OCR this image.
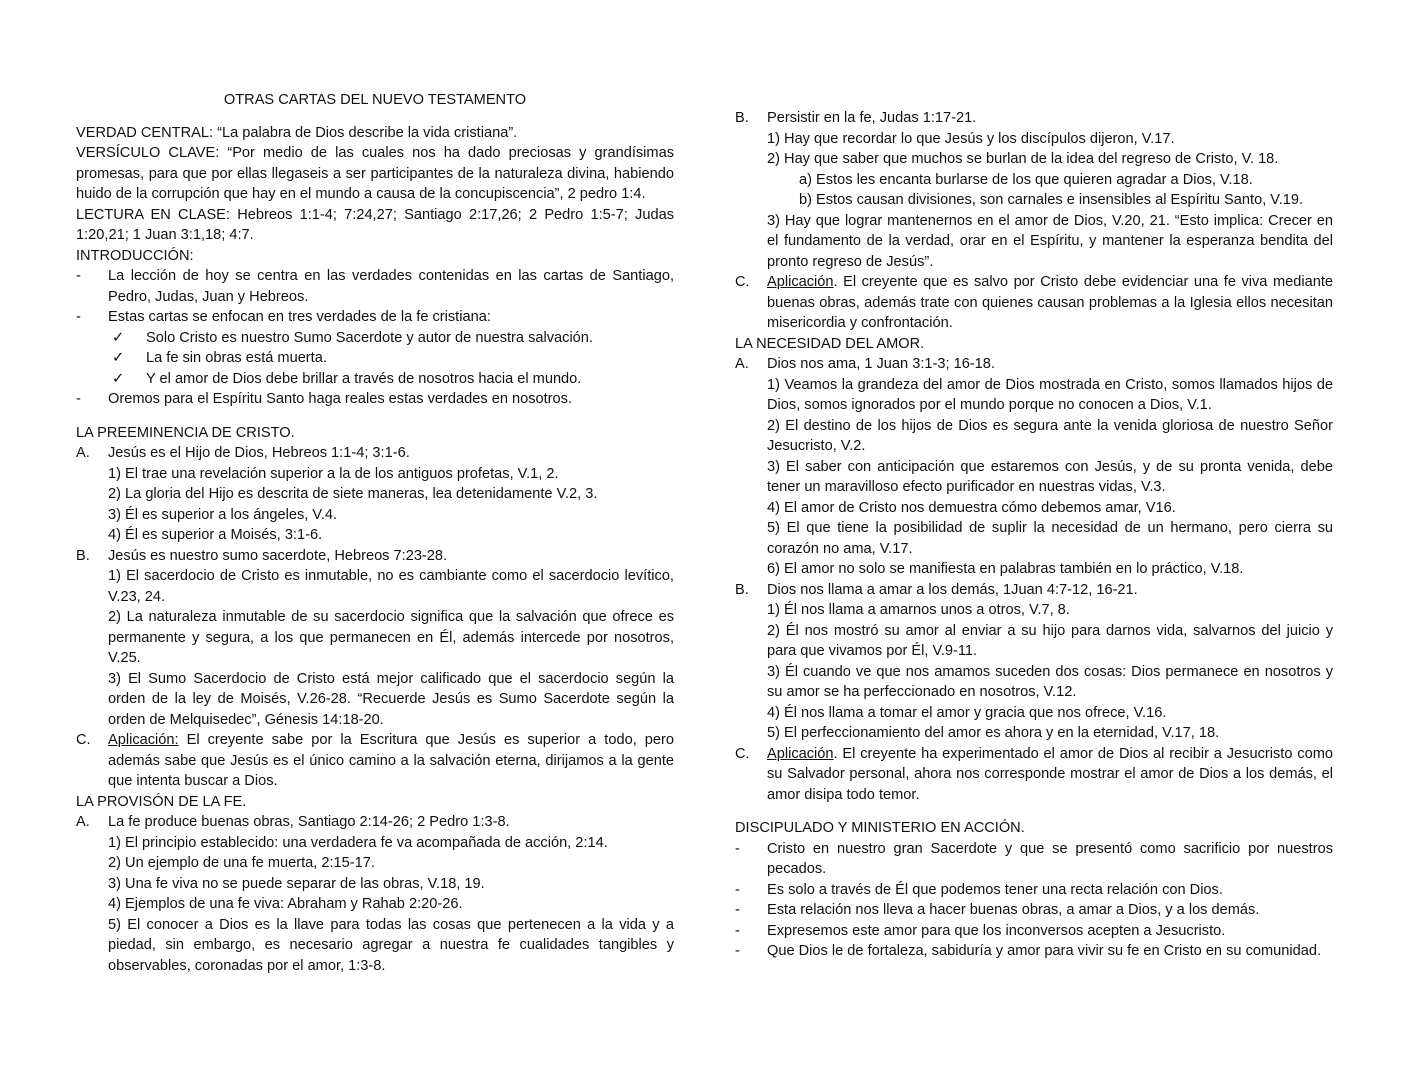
OTRAS CARTAS DEL NUEVO TESTAMENTO
VERDAD CENTRAL: “La palabra de Dios describe la vida cristiana”.
VERSÍCULO CLAVE: “Por medio de las cuales nos ha dado preciosas y grandísimas promesas, para que por ellas llegaseis a ser participantes de la naturaleza divina, habiendo huido de la corrupción que hay en el mundo a causa de la concupiscencia”, 2 pedro 1:4.
LECTURA EN CLASE: Hebreos 1:1-4; 7:24,27; Santiago 2:17,26; 2 Pedro 1:5-7; Judas 1:20,21; 1 Juan 3:1,18; 4:7.
INTRODUCCIÓN:
- La lección de hoy se centra en las verdades contenidas en las cartas de Santiago, Pedro, Judas, Juan y Hebreos.
- Estas cartas se enfocan en tres verdades de la fe cristiana:
✓ Solo Cristo es nuestro Sumo Sacerdote y autor de nuestra salvación.
✓ La fe sin obras está muerta.
✓ Y el amor de Dios debe brillar a través de nosotros hacia el mundo.
- Oremos para el Espíritu Santo haga reales estas verdades en nosotros.
LA PREEMINENCIA DE CRISTO.
A. Jesús es el Hijo de Dios, Hebreos 1:1-4; 3:1-6.
1) El trae una revelación superior a la de los antiguos profetas, V.1, 2.
2) La gloria del Hijo es descrita de siete maneras, lea detenidamente V.2, 3.
3) Él es superior a los ángeles, V.4.
4) Él es superior a Moisés, 3:1-6.
B. Jesús es nuestro sumo sacerdote, Hebreos 7:23-28.
1) El sacerdocio de Cristo es inmutable, no es cambiante como el sacerdocio levítico, V.23, 24.
2) La naturaleza inmutable de su sacerdocio significa que la salvación que ofrece es permanente y segura, a los que permanecen en Él, además intercede por nosotros, V.25.
3) El Sumo Sacerdocio de Cristo está mejor calificado que el sacerdocio según la orden de la ley de Moisés, V.26-28. “Recuerde Jesús es Sumo Sacerdote según la orden de Melquisedec”, Génesis 14:18-20.
C. Aplicación: El creyente sabe por la Escritura que Jesús es superior a todo, pero además sabe que Jesús es el único camino a la salvación eterna, dirijamos a la gente que intenta buscar a Dios.
LA PROVISÓN DE LA FE.
A. La fe produce buenas obras, Santiago 2:14-26; 2 Pedro 1:3-8.
1) El principio establecido: una verdadera fe va acompañada de acción, 2:14.
2) Un ejemplo de una fe muerta, 2:15-17.
3) Una fe viva no se puede separar de las obras, V.18, 19.
4) Ejemplos de una fe viva: Abraham y Rahab 2:20-26.
5) El conocer a Dios es la llave para todas las cosas que pertenecen a la vida y a piedad, sin embargo, es necesario agregar a nuestra fe cualidades tangibles y observables, coronadas por el amor, 1:3-8.
B. Persistir en la fe, Judas 1:17-21.
1) Hay que recordar lo que Jesús y los discípulos dijeron, V.17.
2) Hay que saber que muchos se burlan de la idea del regreso de Cristo, V. 18.
a) Estos les encanta burlarse de los que quieren agradar a Dios, V.18.
b) Estos causan divisiones, son carnales e insensibles al Espíritu Santo, V.19.
3) Hay que lograr mantenernos en el amor de Dios, V.20, 21. “Esto implica: Crecer en el fundamento de la verdad, orar en el Espíritu, y mantener la esperanza bendita del pronto regreso de Jesús”.
C. Aplicación. El creyente que es salvo por Cristo debe evidenciar una fe viva mediante buenas obras, además trate con quienes causan problemas a la Iglesia ellos necesitan misericordia y confrontación.
LA NECESIDAD DEL AMOR.
A. Dios nos ama, 1 Juan 3:1-3; 16-18.
1) Veamos la grandeza del amor de Dios mostrada en Cristo, somos llamados hijos de Dios, somos ignorados por el mundo porque no conocen a Dios, V.1.
2) El destino de los hijos de Dios es segura ante la venida gloriosa de nuestro Señor Jesucristo, V.2.
3) El saber con anticipación que estaremos con Jesús, y de su pronta venida, debe tener un maravilloso efecto purificador en nuestras vidas, V.3.
4) El amor de Cristo nos demuestra cómo debemos amar, V16.
5) El que tiene la posibilidad de suplir la necesidad de un hermano, pero cierra su corazón no ama, V.17.
6) El amor no solo se manifiesta en palabras también en lo práctico, V.18.
B. Dios nos llama a amar a los demás, 1Juan 4:7-12, 16-21.
1) Él nos llama a amarnos unos a otros, V.7, 8.
2) Él nos mostró su amor al enviar a su hijo para darnos vida, salvarnos del juicio y para que vivamos por Él, V.9-11.
3) Él cuando ve que nos amamos suceden dos cosas: Dios permanece en nosotros y su amor se ha perfeccionado en nosotros, V.12.
4) Él nos llama a tomar el amor y gracia que nos ofrece, V.16.
5) El perfeccionamiento del amor es ahora y en la eternidad, V.17, 18.
C. Aplicación. El creyente ha experimentado el amor de Dios al recibir a Jesucristo como su Salvador personal, ahora nos corresponde mostrar el amor de Dios a los demás, el amor disipa todo temor.
DISCIPULADO Y MINISTERIO EN ACCIÓN.
- Cristo en nuestro gran Sacerdote y que se presentó como sacrificio por nuestros pecados.
- Es solo a través de Él que podemos tener una recta relación con Dios.
- Esta relación nos lleva a hacer buenas obras, a amar a Dios, y a los demás.
- Expresemos este amor para que los inconversos acepten a Jesucristo.
- Que Dios le de fortaleza, sabiduría y amor para vivir su fe en Cristo en su comunidad.
